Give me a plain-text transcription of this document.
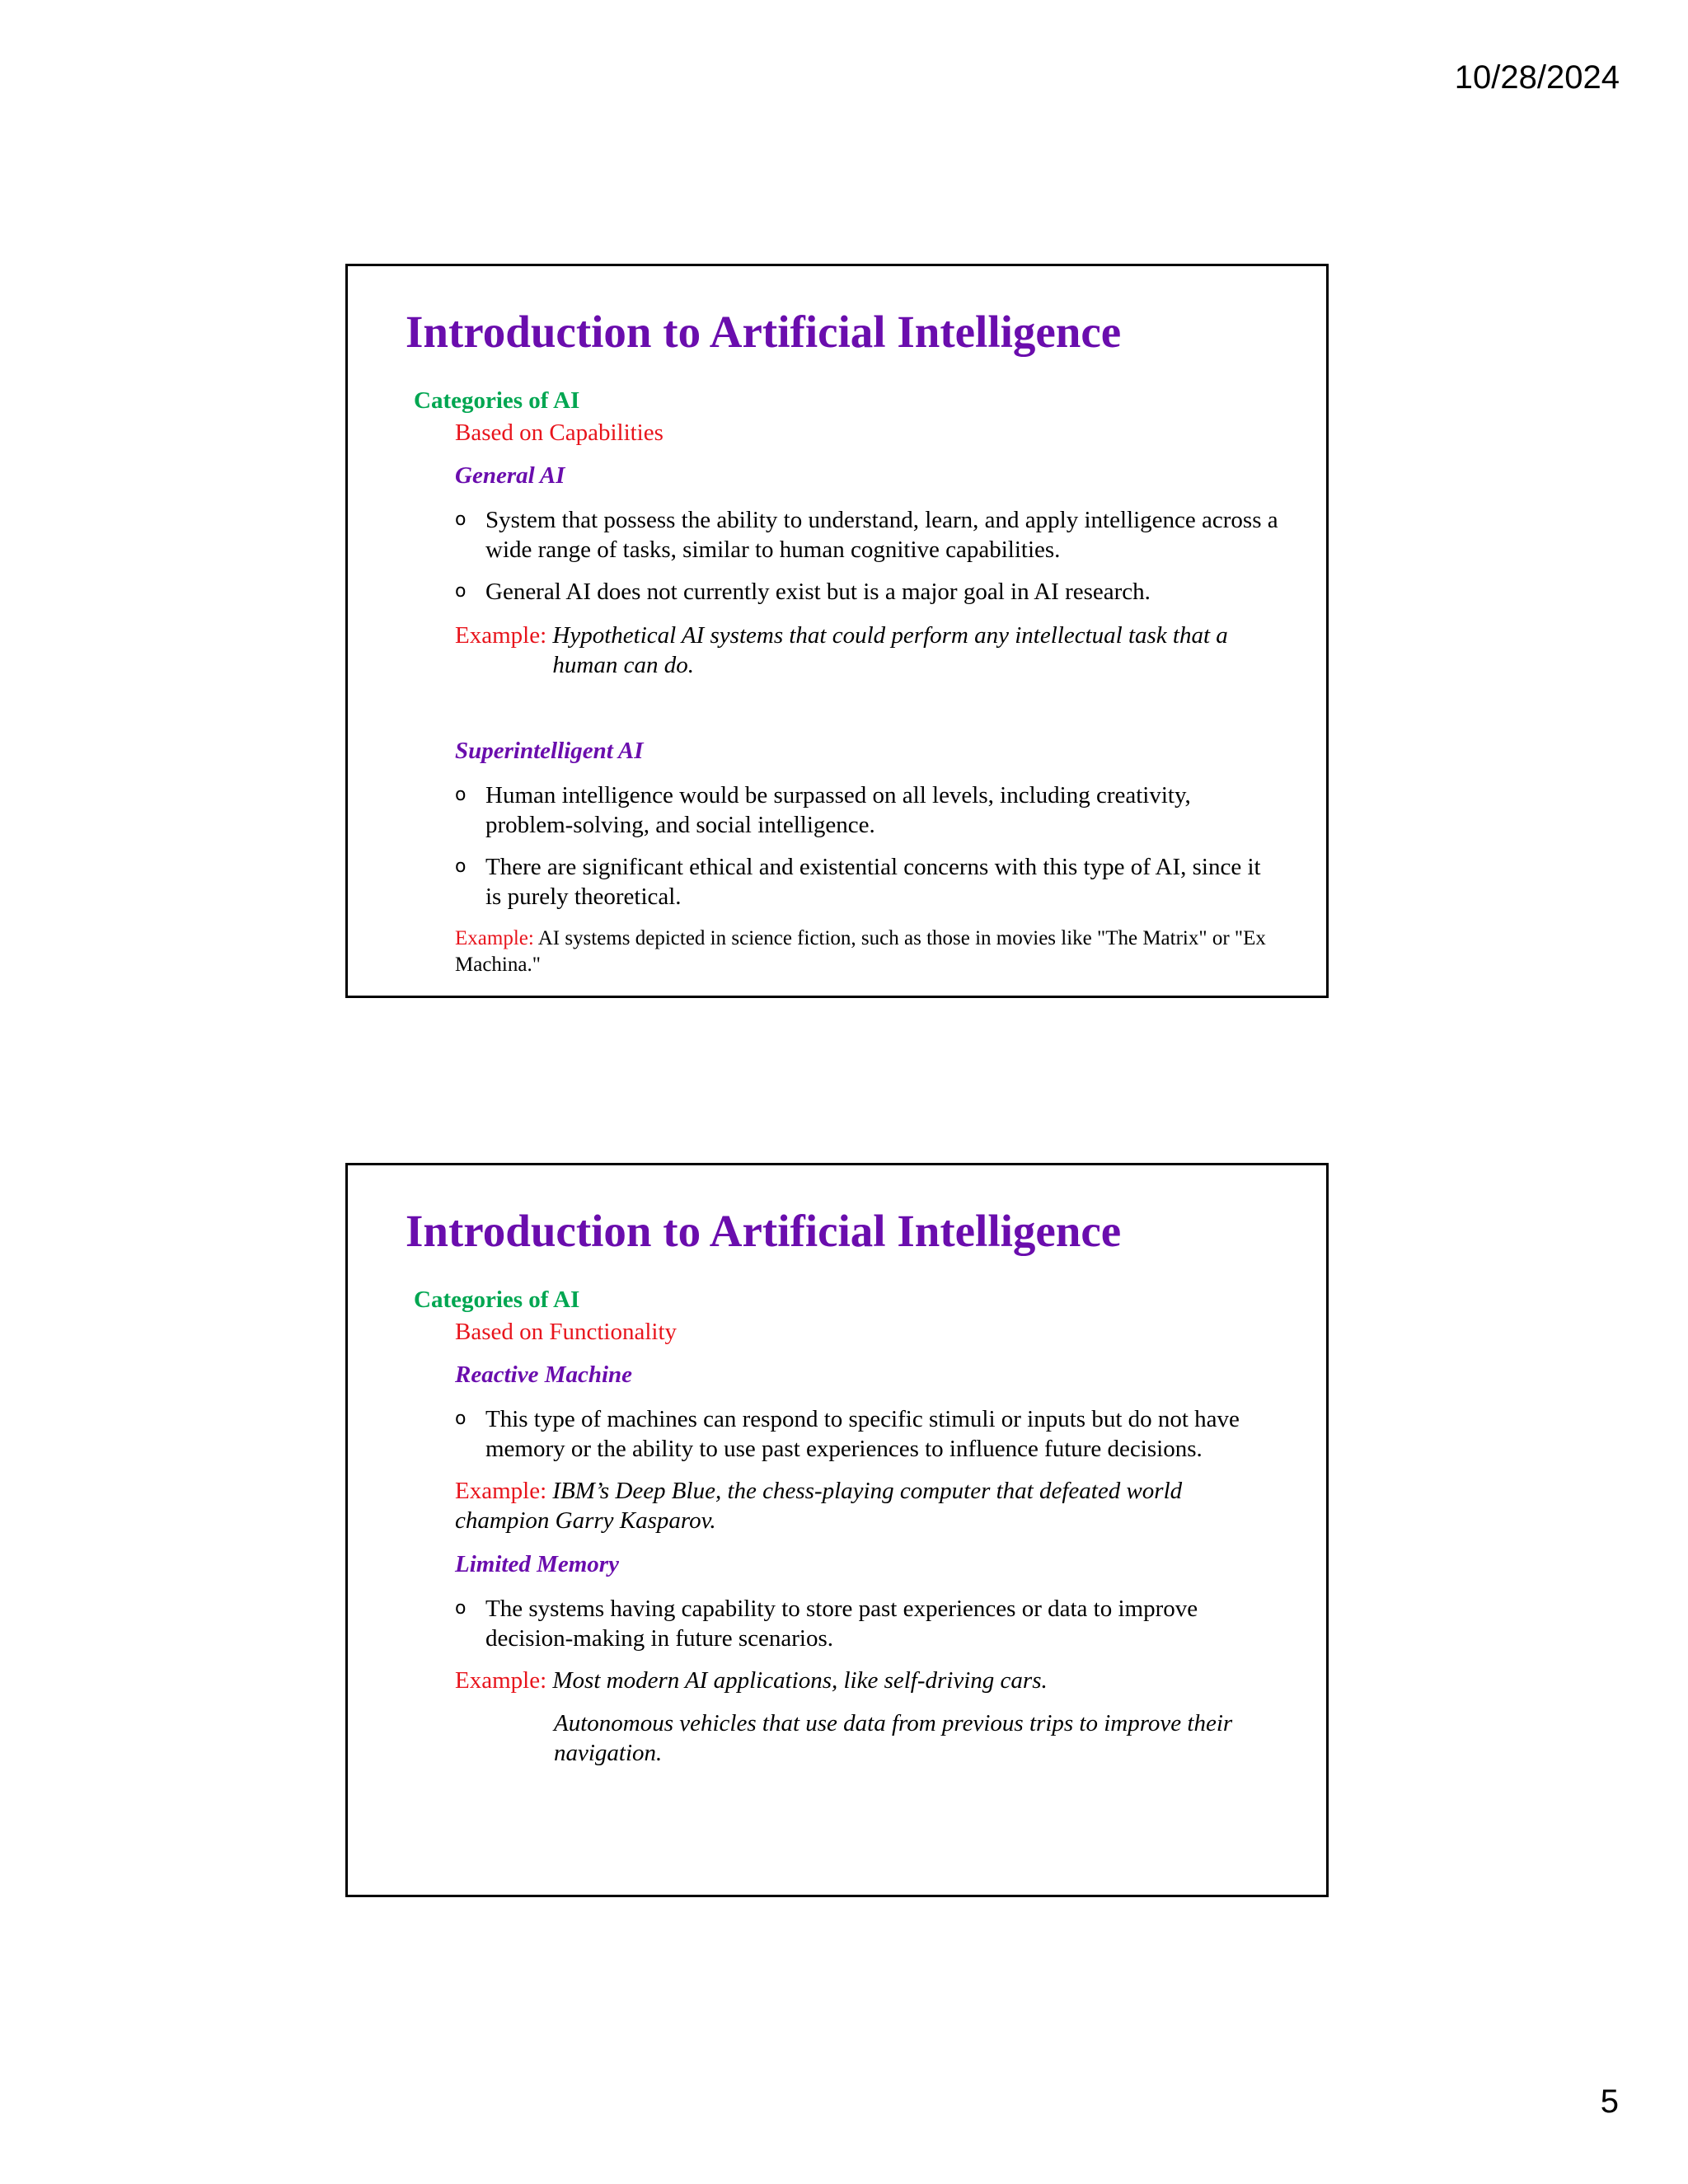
10/28/2024
Introduction to Artificial Intelligence

Categories of AI

Based on Capabilities

General AI

o System that possess the ability to understand, learn, and apply intelligence across a wide range of tasks, similar to human cognitive capabilities.
o General AI does not currently exist but is a major goal in AI research.
Example: Hypothetical AI systems that could perform any intellectual task that a human can do.

Superintelligent AI

o Human intelligence would be surpassed on all levels, including creativity, problem-solving, and social intelligence.
o There are significant ethical and existential concerns with this type of AI, since it is purely theoretical.
Example: AI systems depicted in science fiction, such as those in movies like "The Matrix" or "Ex Machina."
Introduction to Artificial Intelligence

Categories of AI

Based on Functionality

Reactive Machine

o This type of machines can respond to specific stimuli or inputs but do not have memory or the ability to use past experiences to influence future decisions.
Example: IBM’s Deep Blue, the chess-playing computer that defeated world champion Garry Kasparov.

Limited Memory

o The systems having capability to store past experiences or data to improve decision-making in future scenarios.
Example: Most modern AI applications, like self-driving cars.
Autonomous vehicles that use data from previous trips to improve their navigation.
5
